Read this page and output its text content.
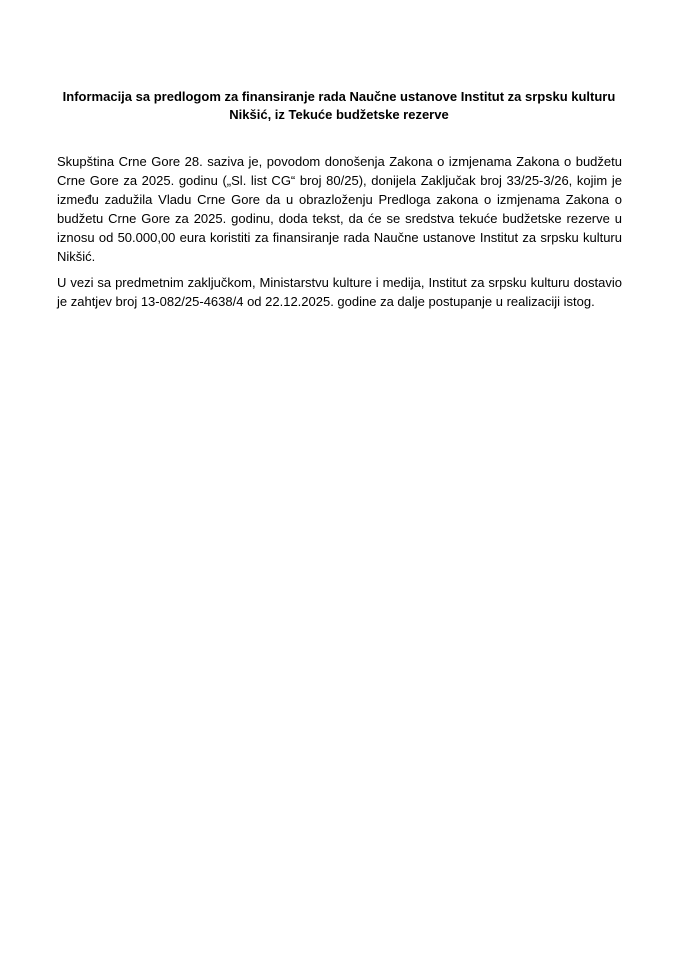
Informacija sa predlogom za finansiranje rada Naučne ustanove Institut za srpsku kulturu Nikšić, iz Tekuće budžetske rezerve

Skupština Crne Gore 28. saziva je, povodom donošenja Zakona o izmjenama Zakona o budžetu Crne Gore za 2025. godinu („Sl. list CG“ broj 80/25), donijela Zaključak broj 33/25-3/26, kojim je između zadužila Vladu Crne Gore da u obrazloženju Predloga zakona o izmjenama Zakona o budžetu Crne Gore za 2025. godinu, doda tekst, da će se sredstva tekuće budžetske rezerve u iznosu od 50.000,00 eura koristiti za finansiranje rada Naučne ustanove Institut za srpsku kulturu Nikšić.

U vezi sa predmetnim zaključkom, Ministarstvu kulture i medija, Institut za srpsku kulturu dostavio je zahtjev broj 13-082/25-4638/4 od 22.12.2025. godine za dalje postupanje u realizaciji istog.
